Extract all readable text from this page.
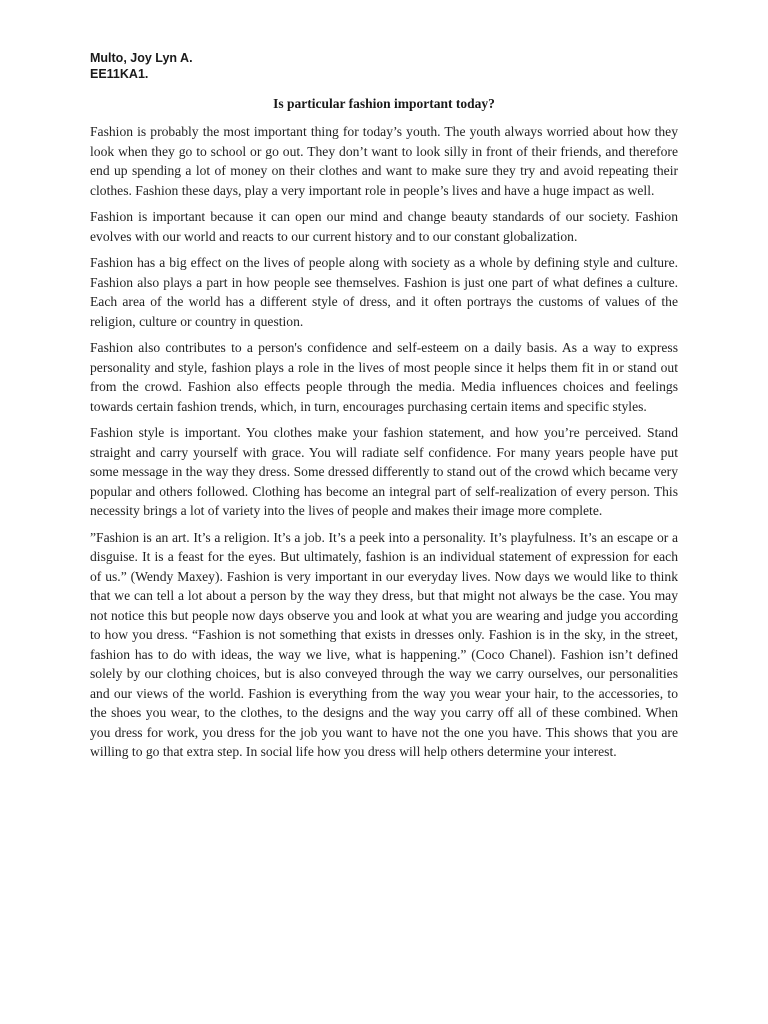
Multo, Joy Lyn A.
EE11KA1.
Is particular fashion important today?

Fashion is probably the most important thing for today’s youth. The youth always worried about how they look when they go to school or go out. They don’t want to look silly in front of their friends, and therefore end up spending a lot of money on their clothes and want to make sure they try and avoid repeating their clothes. Fashion these days, play a very important role in people’s lives and have a huge impact as well.

Fashion is important because it can open our mind and change beauty standards of our society. Fashion evolves with our world and reacts to our current history and to our constant globalization.

Fashion has a big effect on the lives of people along with society as a whole by defining style and culture. Fashion also plays a part in how people see themselves. Fashion is just one part of what defines a culture. Each area of the world has a different style of dress, and it often portrays the customs of values of the religion, culture or country in question.

Fashion also contributes to a person's confidence and self-esteem on a daily basis. As a way to express personality and style, fashion plays a role in the lives of most people since it helps them fit in or stand out from the crowd. Fashion also effects people through the media. Media influences choices and feelings towards certain fashion trends, which, in turn, encourages purchasing certain items and specific styles.

Fashion style is important. You clothes make your fashion statement, and how you’re perceived. Stand straight and carry yourself with grace. You will radiate self confidence. For many years people have put some message in the way they dress. Some dressed differently to stand out of the crowd which became very popular and others followed. Clothing has become an integral part of self-realization of every person. This necessity brings a lot of variety into the lives of people and makes their image more complete.

”Fashion is an art. It’s a religion. It’s a job. It’s a peek into a personality. It’s playfulness. It’s an escape or a disguise. It is a feast for the eyes. But ultimately, fashion is an individual statement of expression for each of us.” (Wendy Maxey). Fashion is very important in our everyday lives. Now days we would like to think that we can tell a lot about a person by the way they dress, but that might not always be the case. You may not notice this but people now days observe you and look at what you are wearing and judge you according to how you dress. “Fashion is not something that exists in dresses only. Fashion is in the sky, in the street, fashion has to do with ideas, the way we live, what is happening.” (Coco Chanel). Fashion isn’t defined solely by our clothing choices, but is also conveyed through the way we carry ourselves, our personalities and our views of the world. Fashion is everything from the way you wear your hair, to the accessories, to the shoes you wear, to the clothes, to the designs and the way you carry off all of these combined. When you dress for work, you dress for the job you want to have not the one you have. This shows that you are willing to go that extra step. In social life how you dress will help others determine your interest.
